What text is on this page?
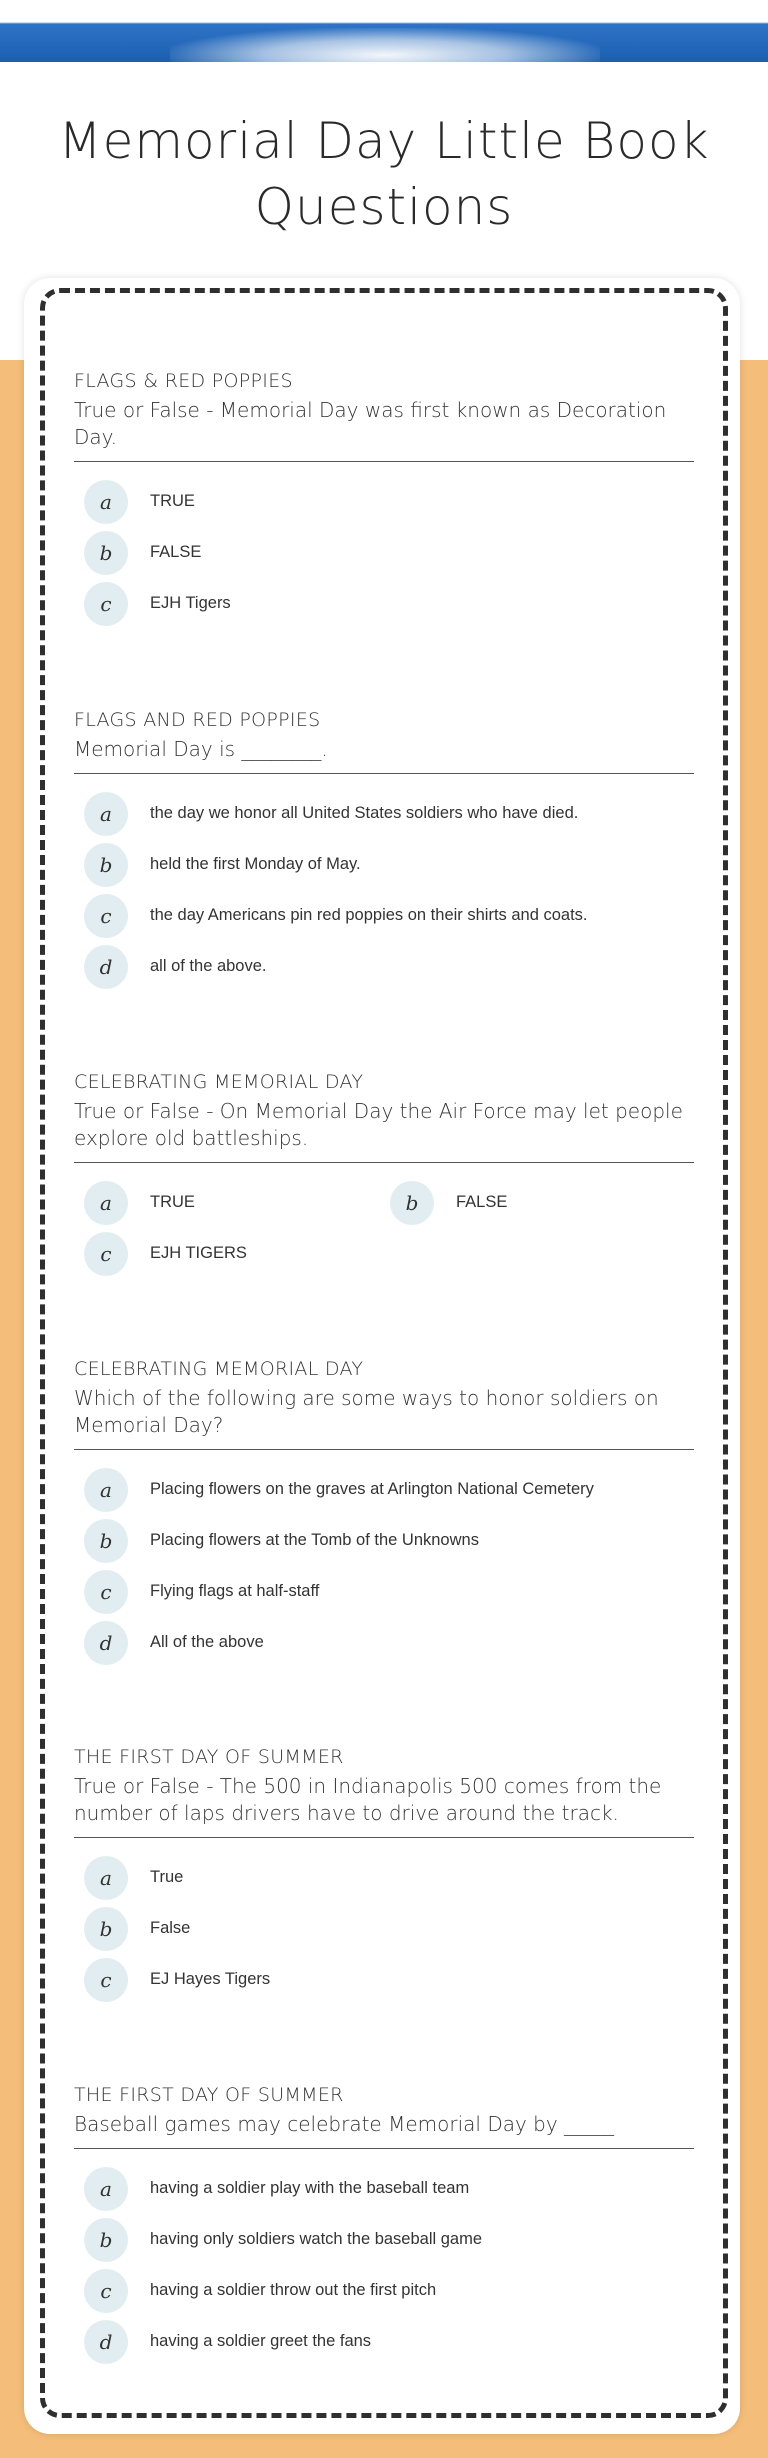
Memorial Day Little Book Questions
FLAGS & RED POPPIES
True or False - Memorial Day was first known as Decoration Day.
a	TRUE
b	FALSE
c	EJH Tigers
FLAGS AND RED POPPIES
Memorial Day is ________.
a	the day we honor all United States soldiers who have died.
b	held the first Monday of May.
c	the day Americans pin red poppies on their shirts and coats.
d	all of the above.
CELEBRATING MEMORIAL DAY
True or False - On Memorial Day the Air Force may let people explore old battleships.
a	TRUE	b	FALSE
c	EJH TIGERS
CELEBRATING MEMORIAL DAY
Which of the following are some ways to honor soldiers on Memorial Day?
a	Placing flowers on the graves at Arlington National Cemetery
b	Placing flowers at the Tomb of the Unknowns
c	Flying flags at half-staff
d	All of the above
THE FIRST DAY OF SUMMER
True or False - The 500 in Indianapolis 500 comes from the number of laps drivers have to drive around the track.
a	True
b	False
c	EJ Hayes Tigers
THE FIRST DAY OF SUMMER
Baseball games may celebrate Memorial Day by _____
a	having a soldier play with the baseball team
b	having only soldiers watch the baseball game
c	having a soldier throw out the first pitch
d	having a soldier greet the fans
